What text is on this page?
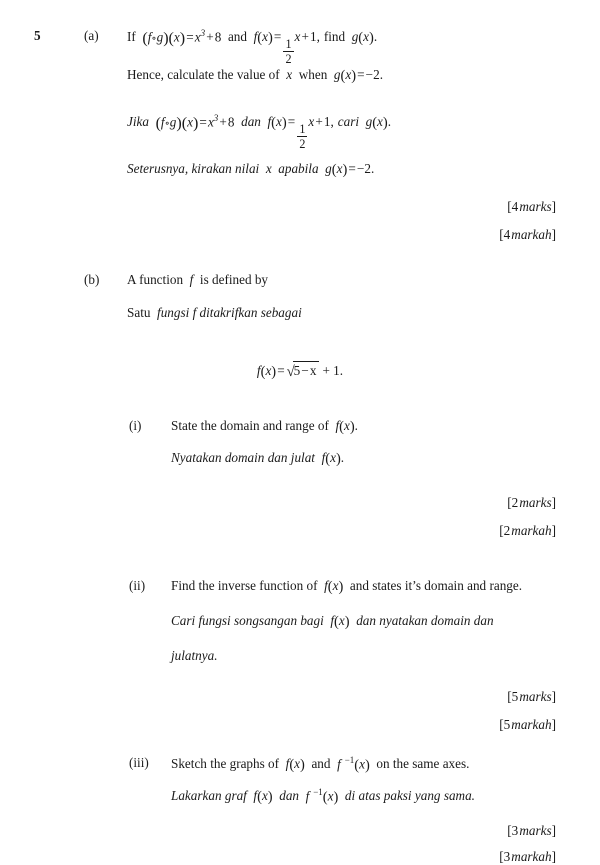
5	(a) If (f∘g)(x) = $x^3$ + 8 and f(x) = 
$\frac{1}{2}$
x + 1, find g(x).
Hence, calculate the value of x when g(x) = −2.
Jika (f∘g)(x) = $x^3$ + 8 dan f(x) = 
$\frac{1}{2}$
x + 1, cari g(x).
Seterusnya, kirakan nilai x apabila g(x) = −2.
[4 marks]
[4 markah]
(b) A function f is defined by
Satu fungsi f ditakrifkan sebagai
f(x) = √5 − x + 1.
(i) State the domain and range of f(x).
Nyatakan domain dan julat f(x).
[2 marks]
[2 markah]
(ii) Find the inverse function of f(x) and states it’s domain and range.
Cari fungsi songsangan bagi f(x) dan nyatakan domain dan
julatnya.
[5 marks]
[5 markah]
(iii) Sketch the graphs of f(x) and f $^{-1}$(x) on the same axes.
Lakarkan graf f(x) dan f $^{-1}$(x) di atas paksi yang sama.
[3 marks]
[3 markah]
